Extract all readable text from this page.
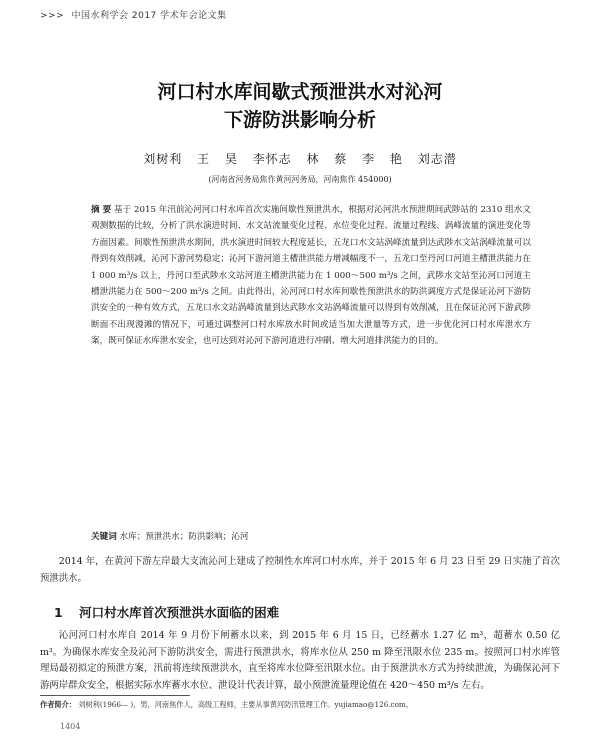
>>> 中国水利学会 2017 学术年会论文集
河口村水库间歇式预泄洪水对沁河
下游防洪影响分析
刘树利 王 昊 李怀志 林 蔡 李 艳 刘志潜
(河南省河务局焦作黄河河务局，河南焦作 454000)
摘 要 基于 2015 年汛前沁河河口村水库首次实施间歇性预泄洪水，根据对沁河洪水预泄期间武陟站的 2310 组水文观测数据的比较，分析了洪水演进时间、水文站流量变化过程、水位变化过程、流量过程线、涡峰流量的演进变化等方面因素。间歇性预泄洪水期间，洪水演进时间较大程度延长，五龙口水文站涡峰流量到达武陟水文站涡峰流量可以得到有效削减，沁河下游河势稳定；沁河下游河道主槽泄洪能力增减幅度不一，五龙口至丹河口河道主槽泄洪能力在 1 000 m³/s 以上，丹河口至武陟水文站河道主槽泄洪能力在 1 000～500 m³/s 之间，武陟水文站至沁河口河道主槽泄洪能力在 500～200 m³/s 之间。由此得出，沁河河口村水库间歇性预泄洪水的防洪调度方式是保证沁河下游防洪安全的一种有效方式，五龙口水文站涡峰流量到达武陟水文站涡峰流量可以得到有效削减，且在保证沁河下游武陟断面不出现漫滩的情况下，可通过调整河口村水库放水时间或适当加大泄量等方式，进一步优化河口村水库泄水方案，既可保证水库泄水安全，也可达到对沁河下游河道进行冲刷、增大河道排洪能力的目的。
关键词 水库；预泄洪水；防洪影响；沁河
2014 年，在黄河下游左岸最大支流沁河上建成了控制性水库河口村水库，并于 2015 年 6 月 23 日至 29 日实施了首次预泄洪水。
1 河口村水库首次预泄洪水面临的困难

沁河河口村水库自 2014 年 9 月份下闸蓄水以来，到 2015 年 6 月 15 日，已经蓄水 1.27 亿 m³，超蓄水 0.50 亿 m³。为确保水库安全及沁河下游防洪安全，需进行预泄洪水，将库水位从 250 m 降至汛限水位 235 m。按照河口村水库管理局最初拟定的预泄方案，汛前将连续预泄洪水，直至将库水位降至汛限水位。由于预泄洪水方式为持续泄流，为确保沁河下游两岸群众安全，根据实际水库蓄水水位、泄设计代表计算，最小预泄流量理论值在 420～450 m³/s 左右。

作者简介： 刘树利(1966— )，男，河南焦作人，高级工程师，主要从事黄河防汛管理工作。yujiamao@126.com。
1404
